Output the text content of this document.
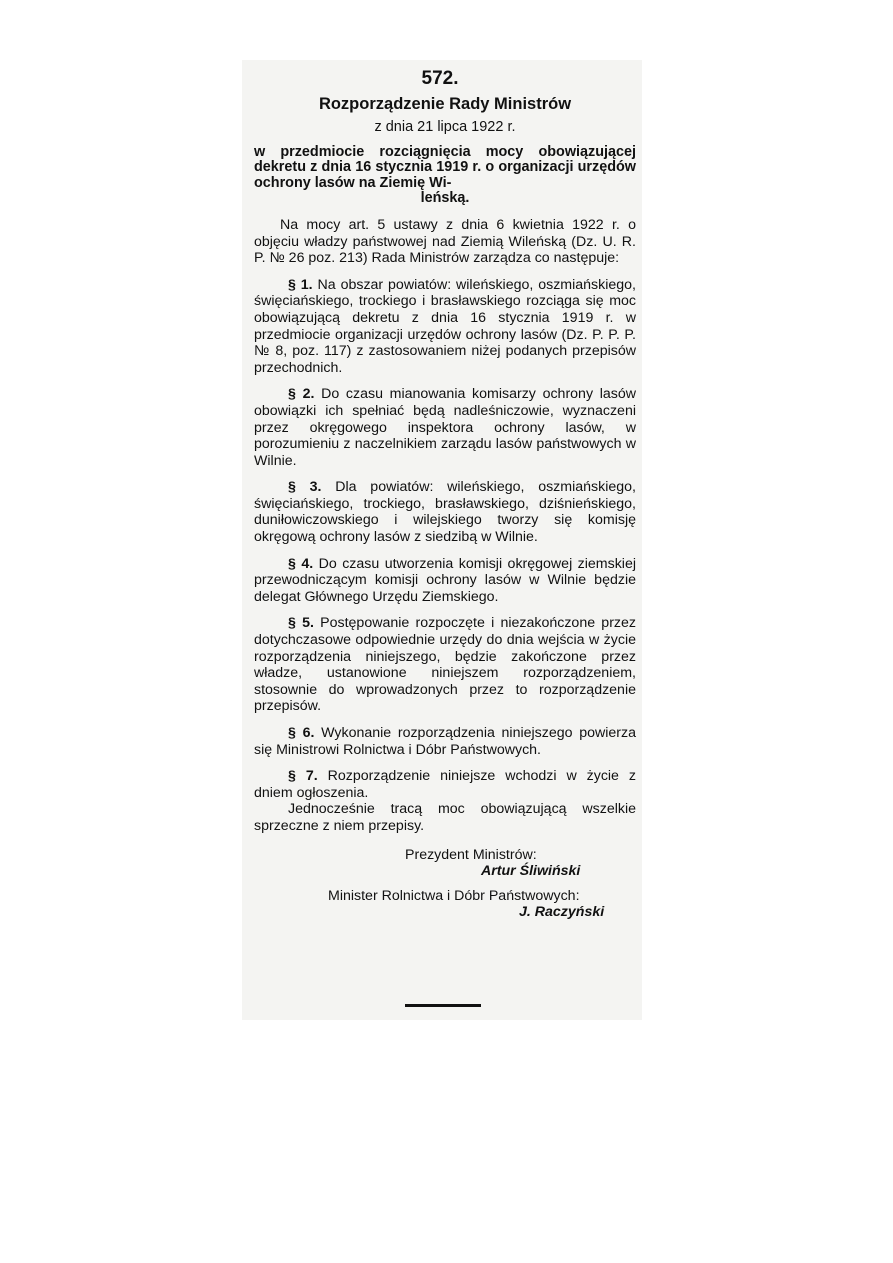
572.
Rozporządzenie Rady Ministrów
z dnia 21 lipca 1922 r.

w przedmiocie rozciągnięcia mocy obowiązującej dekretu z dnia 16 stycznia 1919 r. o organizacji urzędów ochrony lasów na Ziemię Wi-

leńską.

Na mocy art. 5 ustawy z dnia 6 kwietnia 1922 r. o objęciu władzy państwowej nad Ziemią Wileńską (Dz. U. R. P. № 26 poz. 213) Rada Ministrów zarządza co następuje:

§ 1. Na obszar powiatów: wileńskiego, oszmiańskiego, święciańskiego, trockiego i brasławskiego rozciąga się moc obowiązującą dekretu z dnia 16 stycznia 1919 r. w przedmiocie organizacji urzędów ochrony lasów (Dz. P. P. P. № 8, poz. 117) z zastosowaniem niżej podanych przepisów przechodnich.

§ 2. Do czasu mianowania komisarzy ochrony lasów obowiązki ich spełniać będą nadleśniczowie, wyznaczeni przez okręgowego inspektora ochrony lasów, w porozumieniu z naczelnikiem zarządu lasów państwowych w Wilnie.

§ 3. Dla powiatów: wileńskiego, oszmiańskiego, święciańskiego, trockiego, brasławskiego, dziśnieńskiego, duniłowiczowskiego i wilejskiego tworzy się komisję okręgową ochrony lasów z siedzibą w Wilnie.

§ 4. Do czasu utworzenia komisji okręgowej ziemskiej przewodniczącym komisji ochrony lasów w Wilnie będzie delegat Głównego Urzędu Ziemskiego.

§ 5. Postępowanie rozpoczęte i niezakończone przez dotychczasowe odpowiednie urzędy do dnia wejścia w życie rozporządzenia niniejszego, będzie zakończone przez władze, ustanowione niniejszem rozporządzeniem, stosownie do wprowadzonych przez to rozporządzenie przepisów.

§ 6. Wykonanie rozporządzenia niniejszego powierza się Ministrowi Rolnictwa i Dóbr Państwowych.

§ 7. Rozporządzenie niniejsze wchodzi w życie z dniem ogłoszenia.

Jednocześnie tracą moc obowiązującą wszelkie sprzeczne z niem przepisy.

Prezydent Ministrów:
Artur Śliwiński
Minister Rolnictwa i Dóbr Państwowych:
J. Raczyński
